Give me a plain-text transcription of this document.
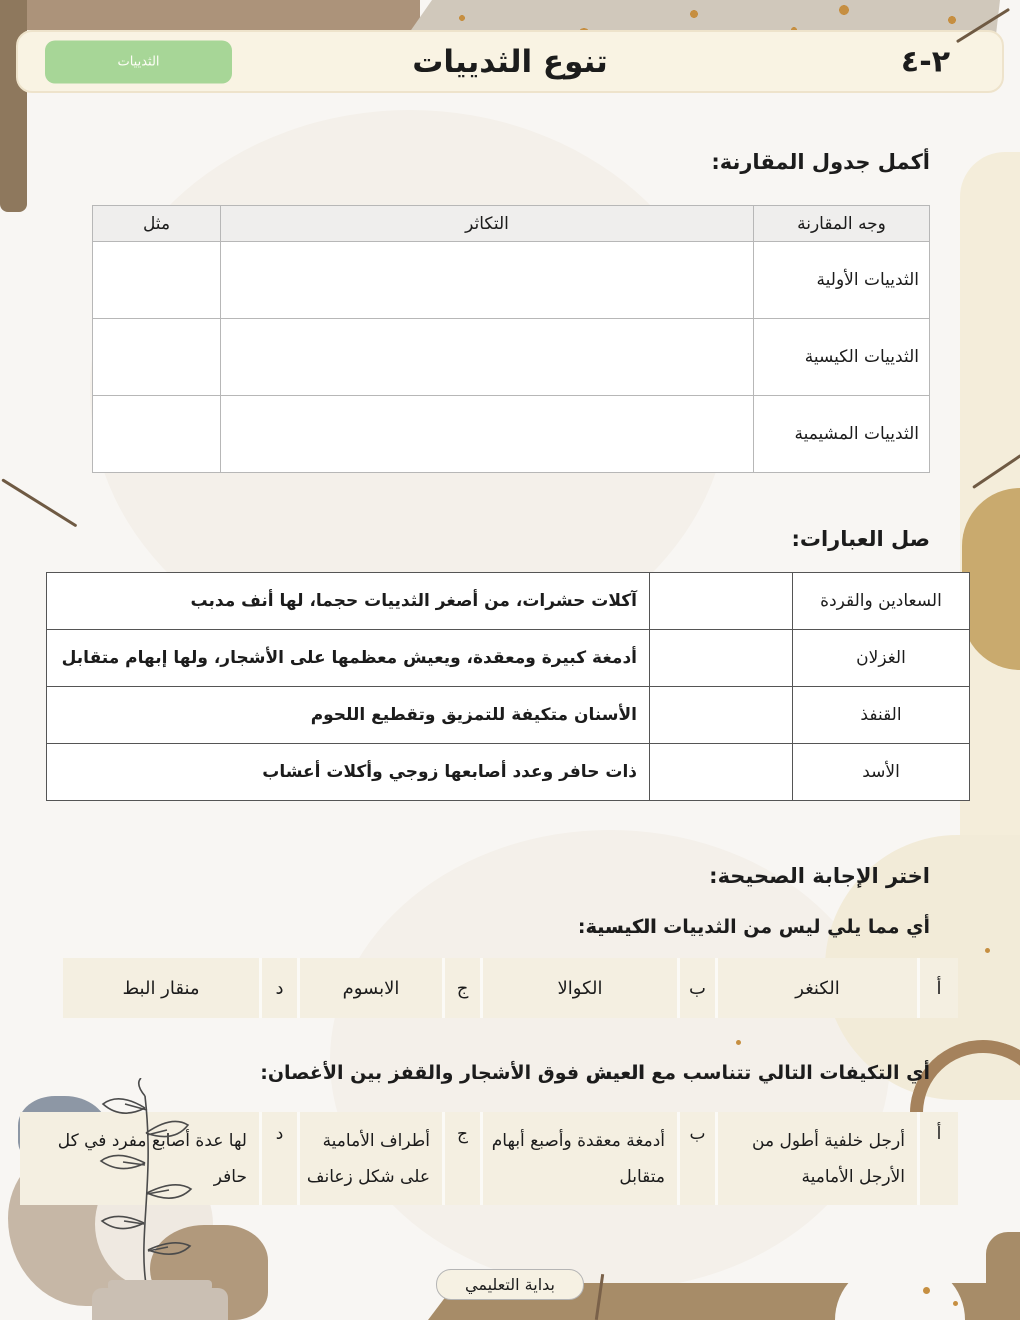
٢-٤
تنوع الثدييات
الثدييات
أكمل جدول المقارنة:
وجه المقارنة	التكاثر	مثل
الثدييات الأولية		
الثدييات الكيسية		
الثدييات المشيمية		
صل العبارات:
السعادين والقردة		آكلات حشرات، من أصغر الثدييات حجما، لها أنف مدبب
الغزلان		أدمغة كبيرة ومعقدة، ويعيش معظمها على الأشجار، ولها إبهام متقابل
القنفذ		الأسنان متكيفة للتمزيق وتقطيع اللحوم
الأسد		ذات حافر وعدد أصابعها زوجي وأكلات أعشاب
اختر الإجابة الصحيحة:
أي مما يلي ليس من الثدييات الكيسية:
أ
الكنغر
ب
الكوالا
ج
الابسوم
د
منقار البط
أي التكيفات التالي تتناسب مع العيش فوق الأشجار والقفز بين الأغصان:
أ
أرجل خلفية أطول من الأرجل الأمامية
ب
أدمغة معقدة وأصبع أبهام متقابل
ج
أطراف الأمامية على شكل زعانف
د
لها عدة أصابع مفرد في كل حافر
بداية التعليمي
